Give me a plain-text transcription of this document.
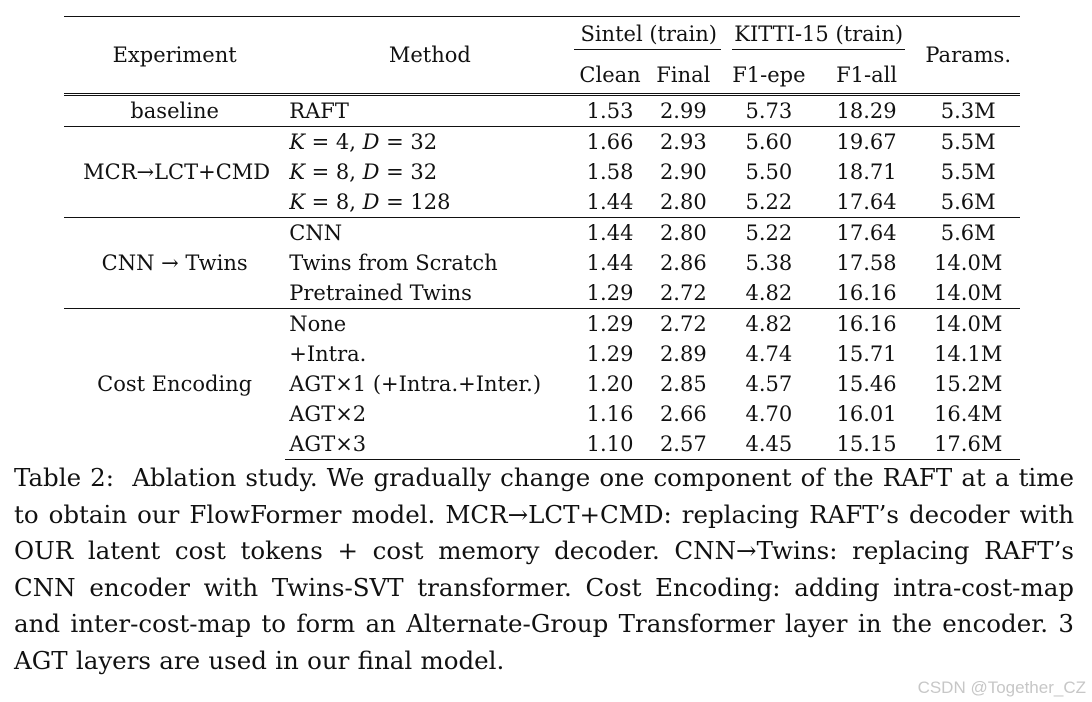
Experiment	Method	Sintel (train)		KITTI-15 (train)		Params.
		Clean	Final	F1-epe	F1-all	
baseline	RAFT	1.53	2.99	5.73	18.29	5.3M
MCR→LCT+CMD	K = 4, D = 32	1.66	2.93	5.60	19.67	5.5M
	K = 8, D = 32	1.58	2.90	5.50	18.71	5.5M
	K = 8, D = 128	1.44	2.80	5.22	17.64	5.6M
CNN → Twins	CNN	1.44	2.80	5.22	17.64	5.6M
	Twins from Scratch	1.44	2.86	5.38	17.58	14.0M
	Pretrained Twins	1.29	2.72	4.82	16.16	14.0M
Cost Encoding	None	1.29	2.72	4.82	16.16	14.0M
	+Intra.	1.29	2.89	4.74	15.71	14.1M
	AGT×1 (+Intra.+Inter.)	1.20	2.85	4.57	15.46	15.2M
	AGT×2	1.16	2.66	4.70	16.01	16.4M
	AGT×3	1.10	2.57	4.45	15.15	17.6M
Table 2: Ablation study. We gradually change one component of the RAFT at a time to obtain our FlowFormer model. MCR→LCT+CMD: replacing RAFT’s decoder with OUR latent cost tokens + cost memory decoder. CNN→Twins: replacing RAFT’s CNN encoder with Twins-SVT transformer. Cost Encoding: adding intra-cost-map and inter-cost-map to form an Alternate-Group Transformer layer in the encoder. 3 AGT layers are used in our final model.
CSDN @Together_CZ
